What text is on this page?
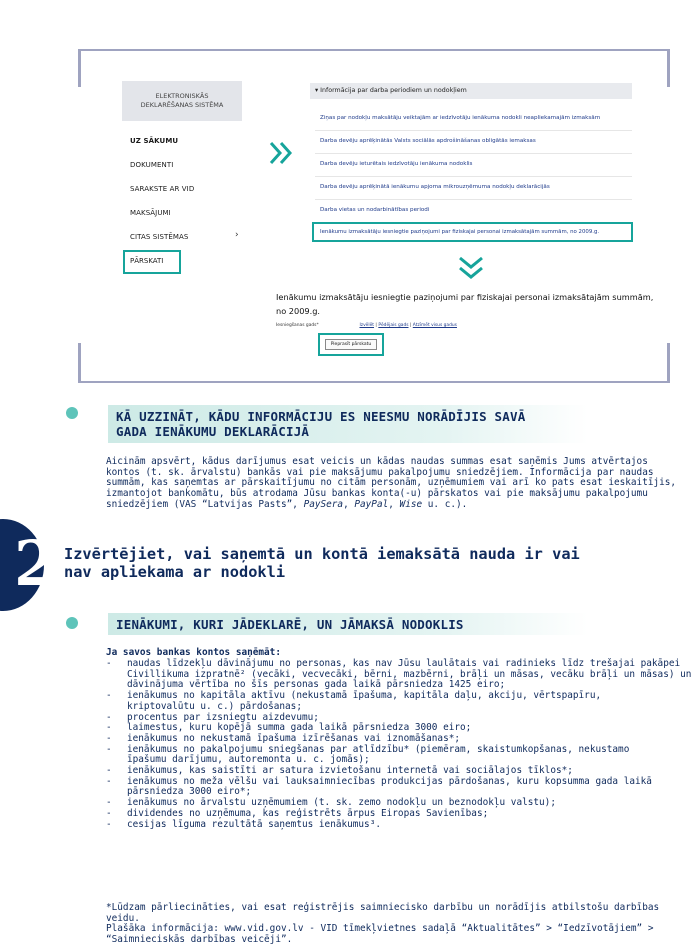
ELEKTRONISKĀS
DEKLARĒŠANAS SISTĒMA
UZ SĀKUMU
DOKUMENTI
SARAKSTE AR VID
MAKSĀJUMI
CITAS SISTĒMAS	›
PĀRSKATI
▾ Informācija par darba periodiem un nodokļiem
Ziņas par nodokļu maksātāju veiktajām ar iedzīvotāju ienākuma nodokli neapliekamajām izmaksām
Darba devēju aprēķinātās Valsts sociālās apdrošināšanas obligātās iemaksas
Darba devēju ieturētais iedzīvotāju ienākuma nodoklis
Darba devēju aprēķinātā ienākumu apjoma mikrouzņēmuma nodokļu deklarācijās
Darba vietas un nodarbinātības periodi
Ienākumu izmaksātāju iesniegtie paziņojumi par fiziskajai personai izmaksātajām summām, no 2009.g.
Ienākumu izmaksātāju iesniegtie paziņojumi par fiziskajai personai izmaksātajām summām, no 2009.g.
Iesniegšanas gads*	Izvēlēt | Pēdējais gads | Atzīmēt visus gadus
Pieprasīt pārskatu
KĀ UZZINĀT, KĀDU INFORMĀCIJU ES NEESMU NORĀDĪJIS SAVĀ
GADA IENĀKUMU DEKLARĀCIJĀ
Aicinām apsvērt, kādus darījumus esat veicis un kādas naudas summas esat saņēmis Jums atvērtajos
kontos (t. sk. ārvalstu) bankās vai pie maksājumu pakalpojumu sniedzējiem. Informācija par naudas
summām, kas saņemtas ar pārskaitījumu no citām personām, uzņēmumiem vai arī ko pats esat ieskaitījis,
izmantojot bankomātu, būs atrodama Jūsu bankas konta(-u) pārskatos vai pie maksājumu pakalpojumu
sniedzējiem (VAS “Latvijas Pasts”, PaySera, PayPal, Wise u. c.).
2 Izvērtējiet, vai saņemtā un kontā iemaksātā nauda ir vai
nav apliekama ar nodokli
IENĀKUMI, KURI JĀDEKLARĒ, UN JĀMAKSĀ NODOKLIS
Ja savos bankas kontos saņēmāt:
- naudas līdzekļu dāvinājumu no personas, kas nav Jūsu laulātais vai radinieks līdz trešajai pakāpei
Civillikuma izpratnē² (vecāki, vecvecāki, bērni, mazbērni, brāļi un māsas, vecāku brāļi un māsas) un
dāvinājuma vērtība no šīs personas gada laikā pārsniedza 1425 eiro;
- ienākumus no kapitāla aktīvu (nekustamā īpašuma, kapitāla daļu, akciju, vērtspapīru,
kriptovalūtu u. c.) pārdošanas;
- procentus par izsniegtu aizdevumu;
- laimestus, kuru kopējā summa gada laikā pārsniedza 3000 eiro;
- ienākumus no nekustamā īpašuma izīrēšanas vai iznomāšanas*;
- ienākumus no pakalpojumu sniegšanas par atlīdzību* (piemēram, skaistumkopšanas, nekustamo
īpašumu darījumu, autoremonta u. c. jomās);
- ienākumus, kas saistīti ar satura izvietošanu internetā vai sociālajos tīklos*;
- ienākumus no meža vēlšu vai lauksaimniecības produkcijas pārdošanas, kuru kopsumma gada laikā
pārsniedza 3000 eiro*;
- ienākumus no ārvalstu uzņēmumiem (t. sk. zemo nodokļu un beznodokļu valstu);
- dividendes no uzņēmuma, kas reģistrēts ārpus Eiropas Savienības;
- cesijas līguma rezultātā saņemtus ienākumus³.
*Lūdzam pārliecināties, vai esat reģistrējis saimniecisko darbību un norādījis atbilstošu darbības veidu.
Plašāka informācija: www.vid.gov.lv - VID tīmekļvietnes sadaļā “Aktualitātes” > “Iedzīvotājiem” >
“Saimnieciskās darbības veicēji”.
